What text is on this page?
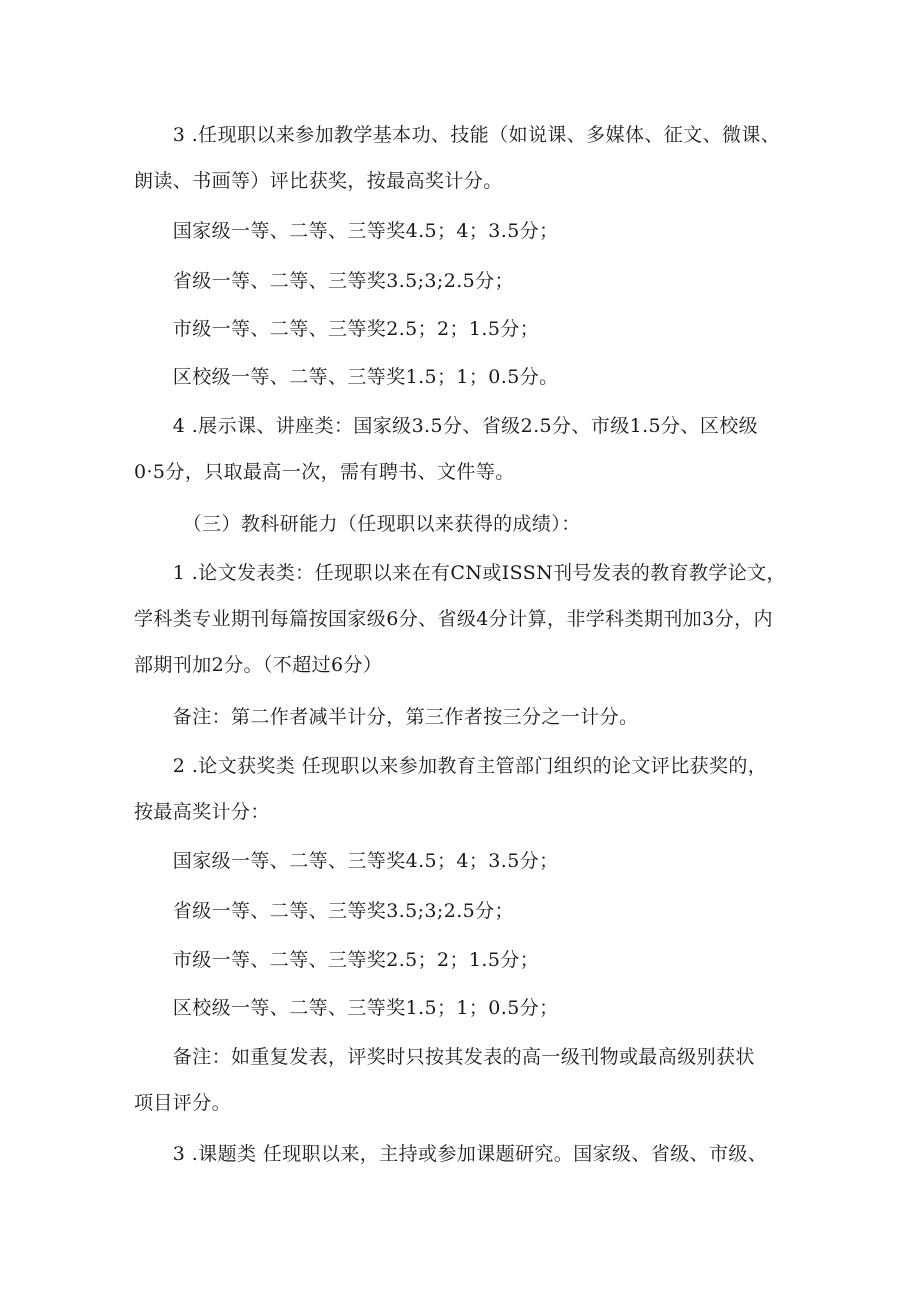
　　3 .任现职以来参加教学基本功、技能（如说课、多媒体、征文、微课、
朗读、书画等）评比获奖，按最高奖计分。

　　国家级一等、二等、三等奖4.5；4；3.5分；

　　省级一等、二等、三等奖3.5;3;2.5分；

　　市级一等、二等、三等奖2.5；2；1.5分；

　　区校级一等、二等、三等奖1.5；1；0.5分。

　　4 .展示课、讲座类：国家级3.5分、省级2.5分、市级1.5分、区校级
0·5分，只取最高一次，需有聘书、文件等。

　　　（三）教科研能力（任现职以来获得的成绩）：

　　1 .论文发表类：任现职以来在有CN或ISSN刊号发表的教育教学论文，
学科类专业期刊每篇按国家级6分、省级4分计算，非学科类期刊加3分，内
部期刊加2分。（不超过6分）

　　备注：第二作者减半计分，第三作者按三分之一计分。

　　2 .论文获奖类 任现职以来参加教育主管部门组织的论文评比获奖的，
按最高奖计分：

　　国家级一等、二等、三等奖4.5；4；3.5分；

　　省级一等、二等、三等奖3.5;3;2.5分；

　　市级一等、二等、三等奖2.5；2；1.5分；

　　区校级一等、二等、三等奖1.5；1；0.5分；

　　备注：如重复发表，评奖时只按其发表的高一级刊物或最高级别获状
项目评分。

　　3 .课题类 任现职以来，主持或参加课题研究。国家级、省级、市级、
